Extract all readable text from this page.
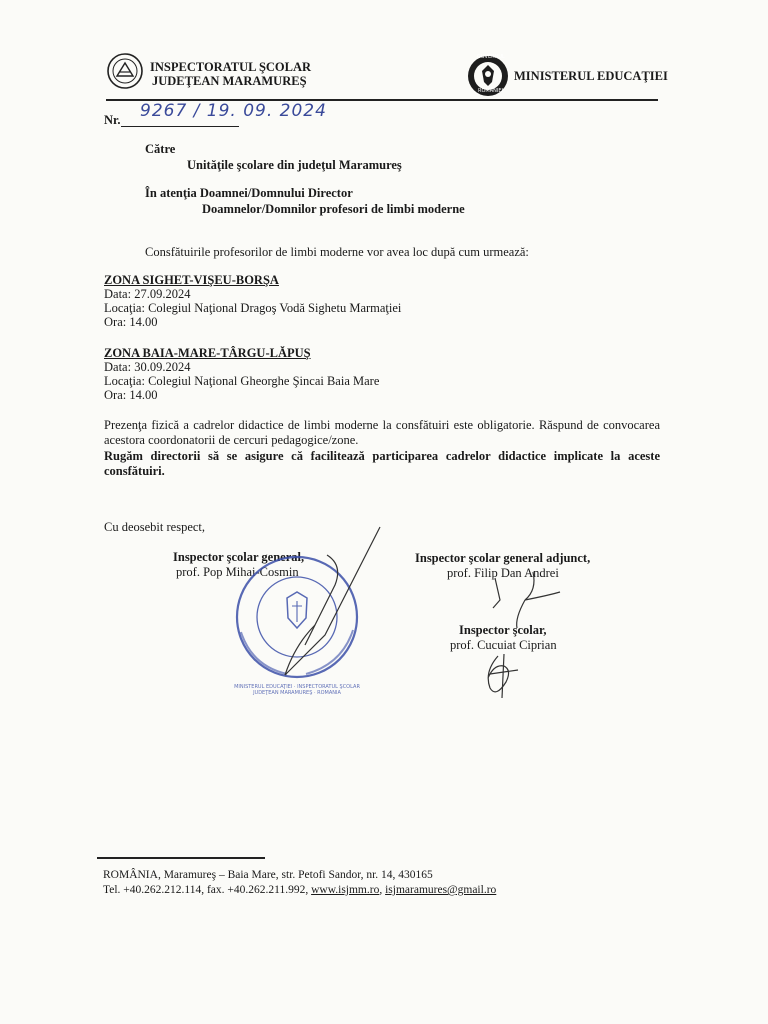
INSPECTORATUL ŞCOLAR
JUDEŢEAN MARAMUREŞ
GUVERNUL
ROMÂNIEI
MINISTERUL EDUCAŢIEI
Nr. 9267 / 19. 09. 2024
Către
Unităţile şcolare din judeţul Maramureş
În atenţia Doamnei/Domnului Director
Doamnelor/Domnilor profesori de limbi moderne
Consfătuirile profesorilor de limbi moderne vor avea loc după cum urmează:
ZONA SIGHET-VIŞEU-BORŞA
Data: 27.09.2024
Locaţia: Colegiul Naţional Dragoş Vodă Sighetu Marmaţiei
Ora: 14.00
ZONA BAIA-MARE-TÂRGU-LĂPUŞ
Data: 30.09.2024
Locaţia: Colegiul Naţional Gheorghe Şincai Baia Mare
Ora: 14.00
Prezenţa fizică a cadrelor didactice de limbi moderne la consfătuiri este obligatorie. Răspund de convocarea acestora coordonatorii de cercuri pedagogice/zone.
Rugăm directorii să se asigure că facilitează participarea cadrelor didactice implicate la aceste consfătuiri.
Cu deosebit respect,
Inspector şcolar general,
prof. Pop Mihai-Cosmin
MINISTERUL EDUCAŢIEI · INSPECTORATUL ŞCOLAR JUDEŢEAN MARAMUREŞ · ROMANIA
Inspector şcolar general adjunct,
prof. Filip Dan Andrei
Inspector şcolar,
prof. Cucuiat Ciprian
ROMÂNIA, Maramureş – Baia Mare, str. Petofi Sandor, nr. 14, 430165
Tel. +40.262.212.114, fax. +40.262.211.992, www.isjmm.ro, isjmaramures@gmail.ro
